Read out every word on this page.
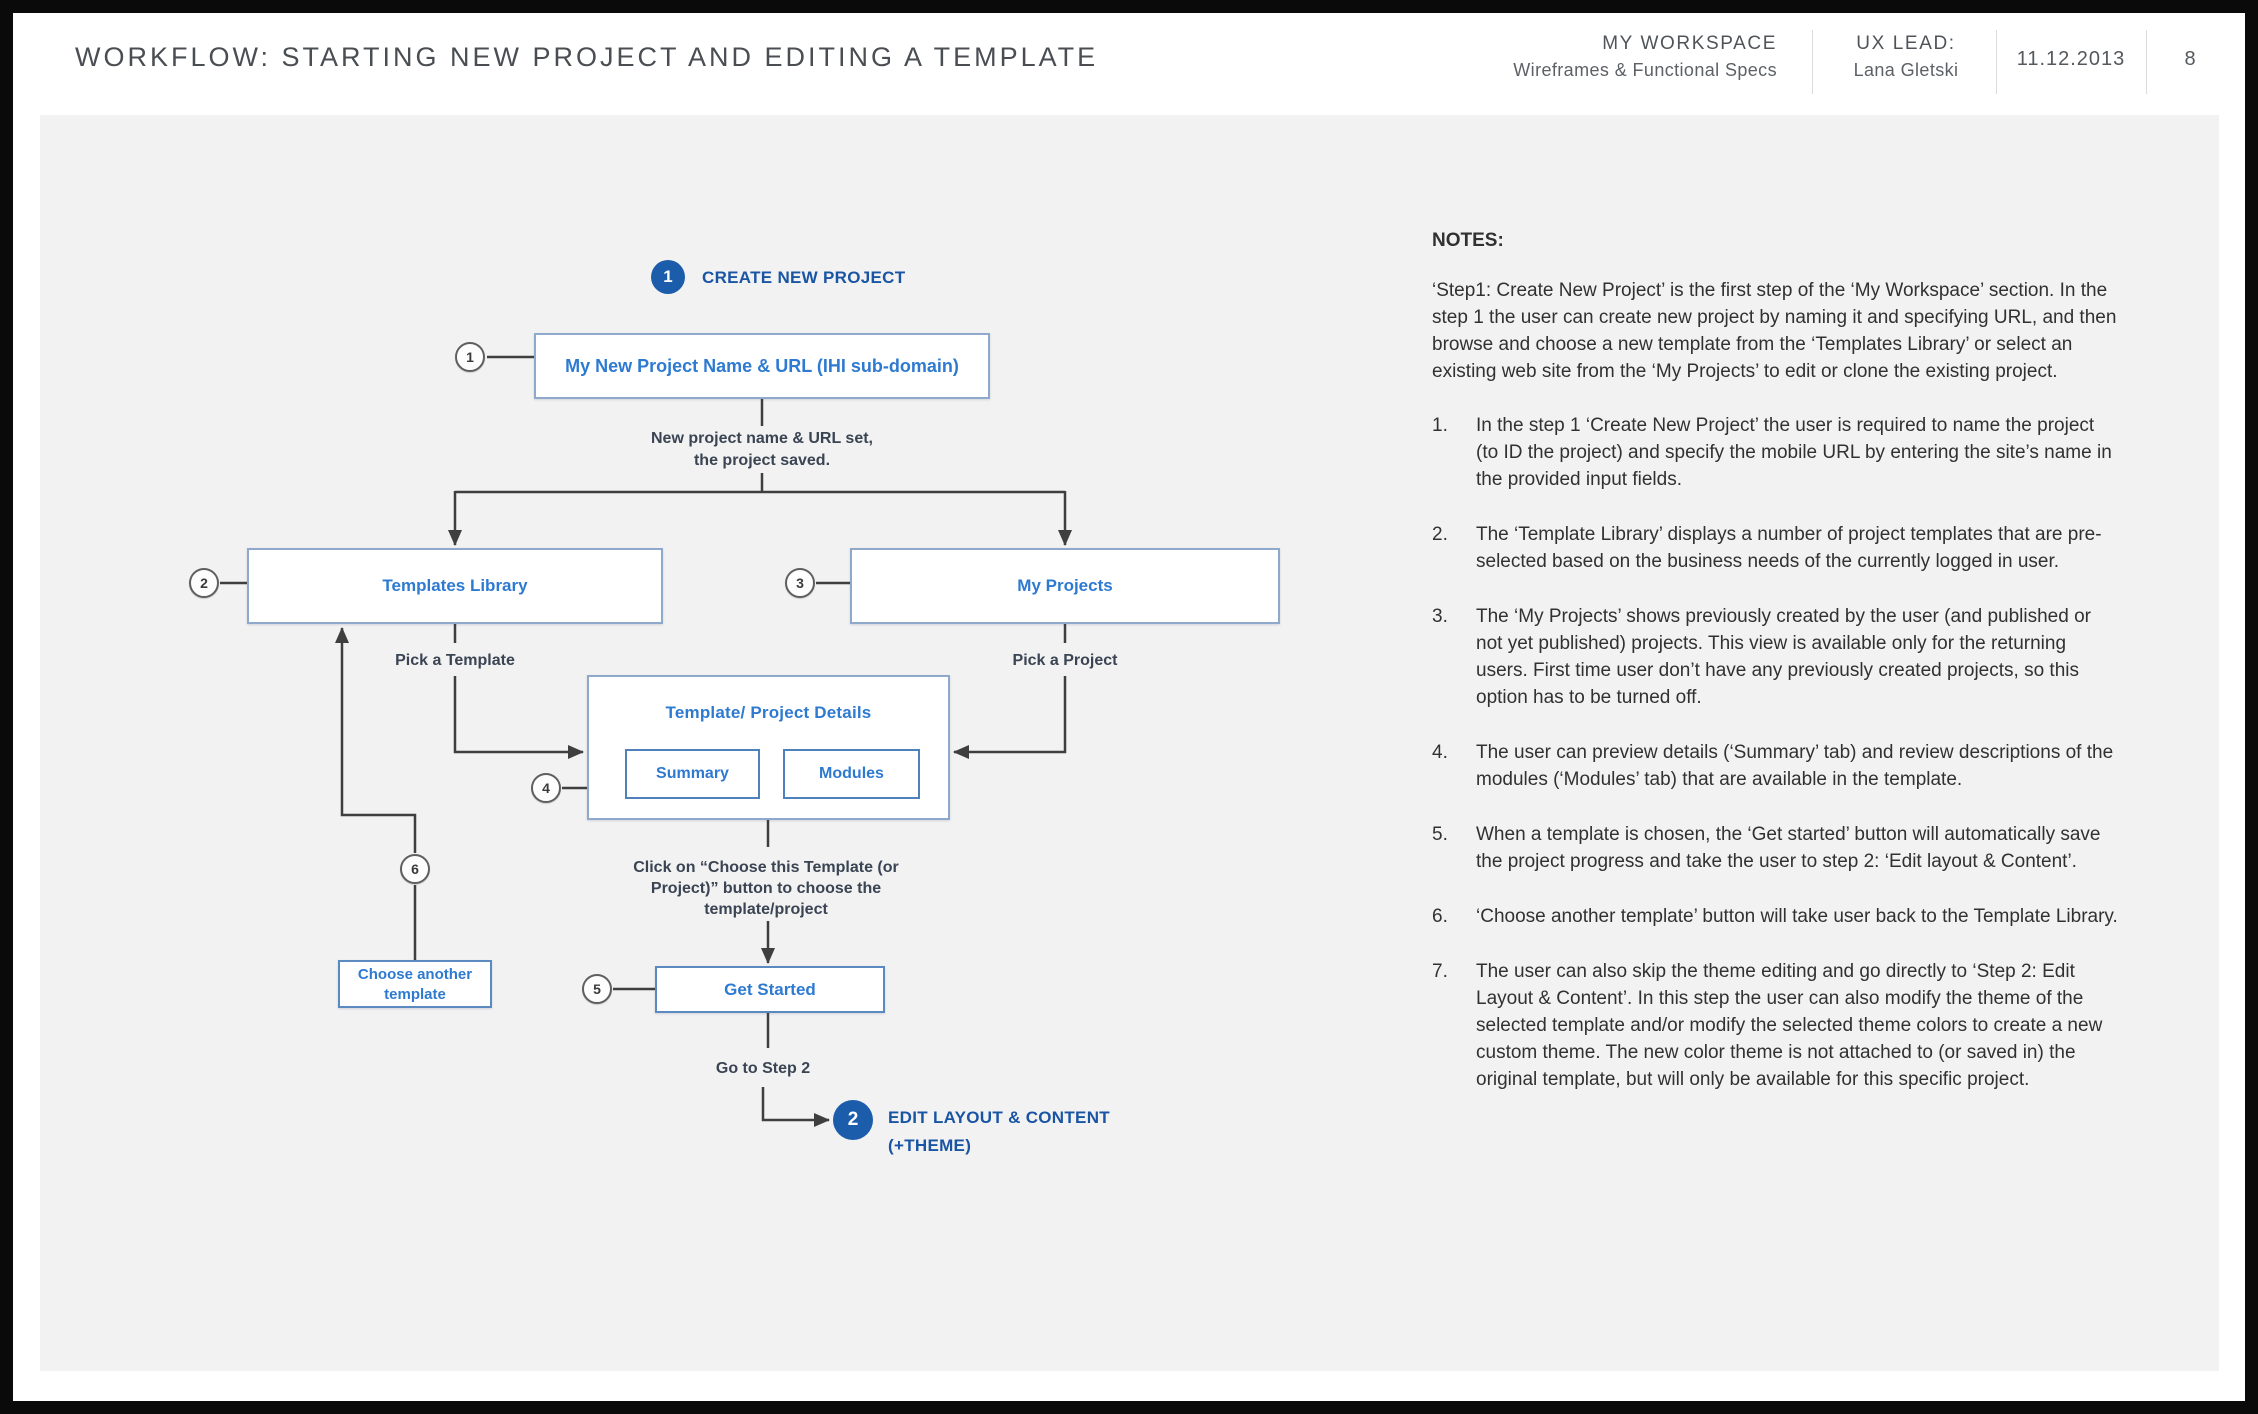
WORKFLOW: STARTING NEW PROJECT AND EDITING A TEMPLATE	MY WORKSPACE
Wireframes & Functional Specs
UX LEAD:
Lana Gletski	11.12.2013	8
1	CREATE NEW PROJECT
1	My New Project Name & URL (IHI sub-domain)
New project name & URL set,
the project saved.
2	Templates Library	3	My Projects
Pick a Template	Pick a Project
Template/ Project Details
4
Summary	Modules
Click on “Choose this Template (or
Project)” button to choose the
template/project
6
Choose another
template	5	Get Started
Go to Step 2
2	EDIT LAYOUT & CONTENT
(+THEME)
NOTES:

‘Step1: Create New Project’ is the first step of the ‘My Workspace’ section. In the step 1 the user can create new project by naming it and specifying URL, and then browse and choose a new template from the ‘Templates Library’ or select an existing web site from the ‘My Projects’ to edit or clone the existing project.

1. In the step 1 ‘Create New Project’ the user is required to name the project (to ID the project) and specify the mobile URL by entering the site’s name in the provided input fields.
2. The ‘Template Library’ displays a number of project templates that are pre-selected based on the business needs of the currently logged in user.
3. The ‘My Projects’ shows previously created by the user (and published or not yet published) projects. This view is available only for the returning users. First time user don’t have any previously created projects, so this option has to be turned off.
4. The user can preview details (‘Summary’ tab) and review descriptions of the modules (‘Modules’ tab) that are available in the template.
5. When a template is chosen, the ‘Get started’ button will automatically save the project progress and take the user to step 2: ‘Edit layout & Content’.
6. ‘Choose another template’ button will take user back to the Template Library.
7. The user can also skip the theme editing and go directly to ‘Step 2: Edit Layout & Content’. In this step the user can also modify the theme of the selected template and/or modify the selected theme colors to create a new custom theme. The new color theme is not attached to (or saved in) the original template, but will only be available for this specific project.
